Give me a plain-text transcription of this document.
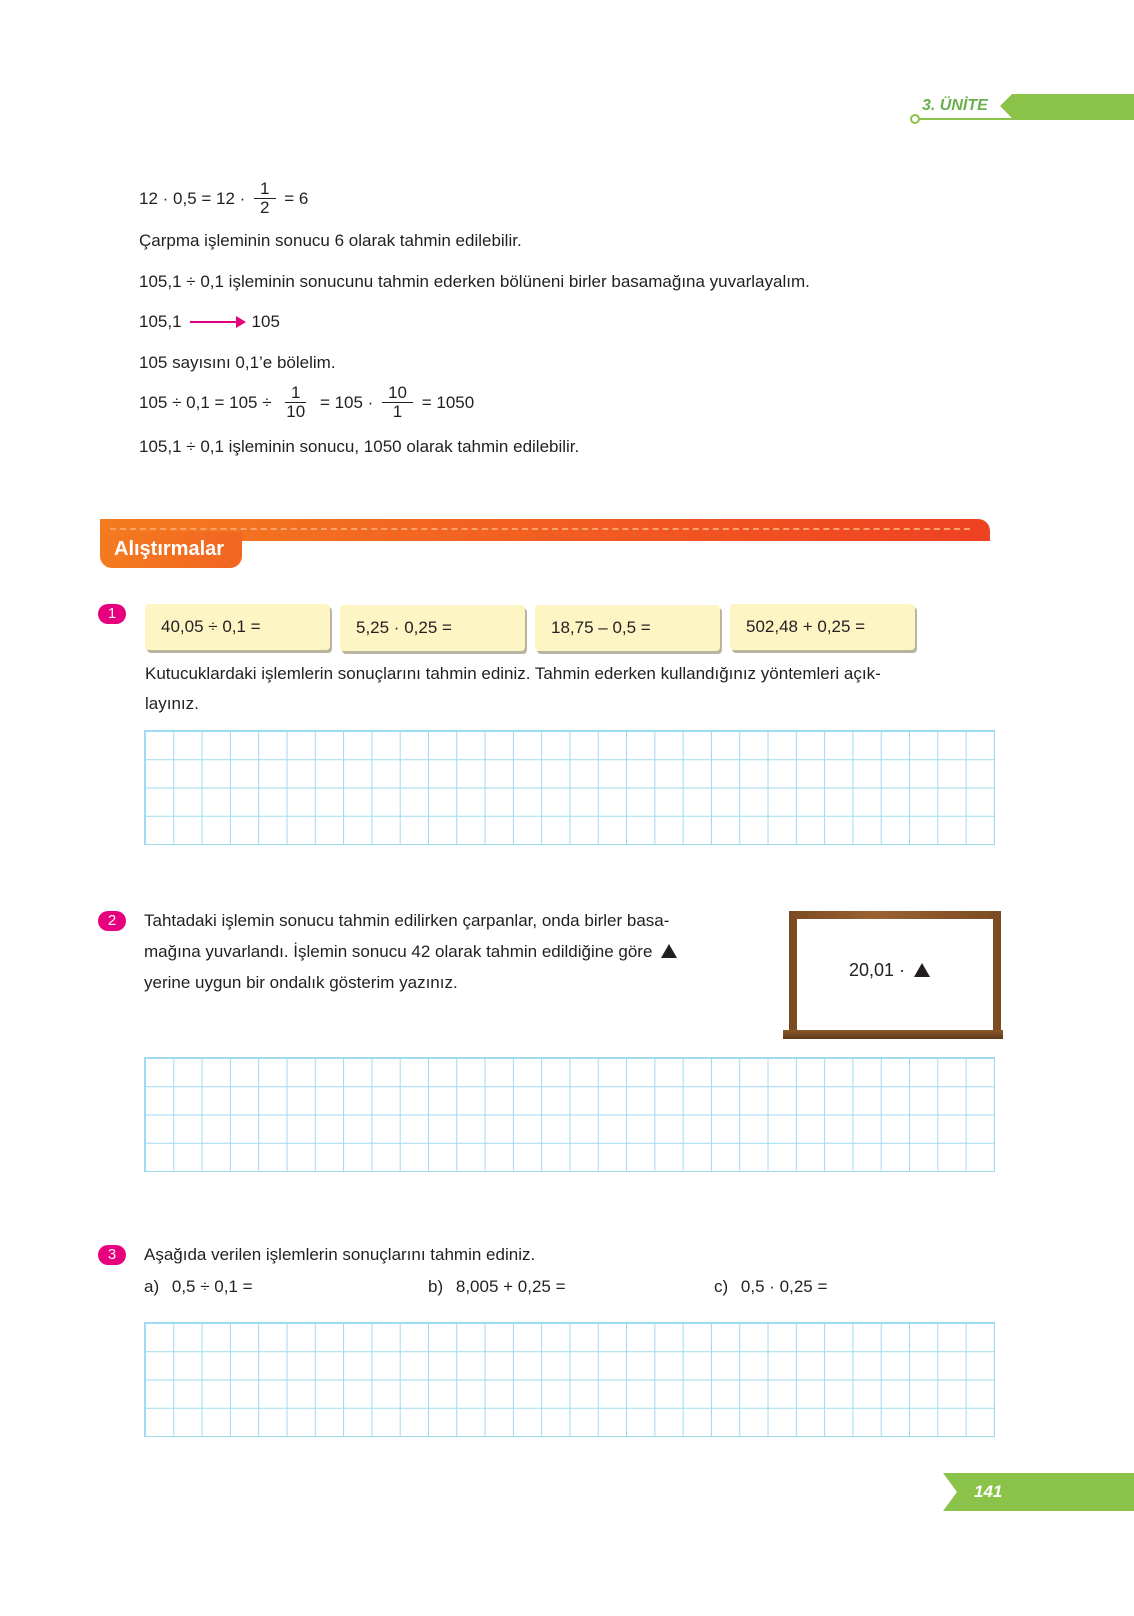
3. ÜNİTE
$12 \cdot 0,5 = 12 \cdot \frac{1}{2} = 6$
Çarpma işleminin sonucu 6 olarak tahmin edilebilir.
105,1 ÷ 0,1 işleminin sonucunu tahmin ederken bölüneni birler basamağına yuvarlayalım.
105,1	105
105 sayısını 0,1’e bölelim.
$105 \div 0,1 = 105 \div \frac{1}{10} = 105 \cdot \frac{10}{1} = 1050$
105,1 ÷ 0,1 işleminin sonucu, 1050 olarak tahmin edilebilir.
Alıştırmalar
1
40,05 ÷ 0,1 =	5,25 · 0,25 =	18,75 – 0,5 =	502,48 + 0,25 =
Kutucuklardaki işlemlerin sonuçlarını tahmin ediniz. Tahmin ederken kullandığınız yöntemleri açık-
layınız.
2	Tahtadaki işlemin sonucu tahmin edilirken çarpanlar, onda birler basa-
mağına yuvarlandı. İşlemin sonucu 42 olarak tahmin edildiğine göre
yerine uygun bir ondalık gösterim yazınız.
20,01 ·
3	Aşağıda verilen işlemlerin sonuçlarını tahmin ediniz.
a) 0,5 ÷ 0,1 =	b) 8,005 + 0,25 =	c) 0,5 · 0,25 =
141
